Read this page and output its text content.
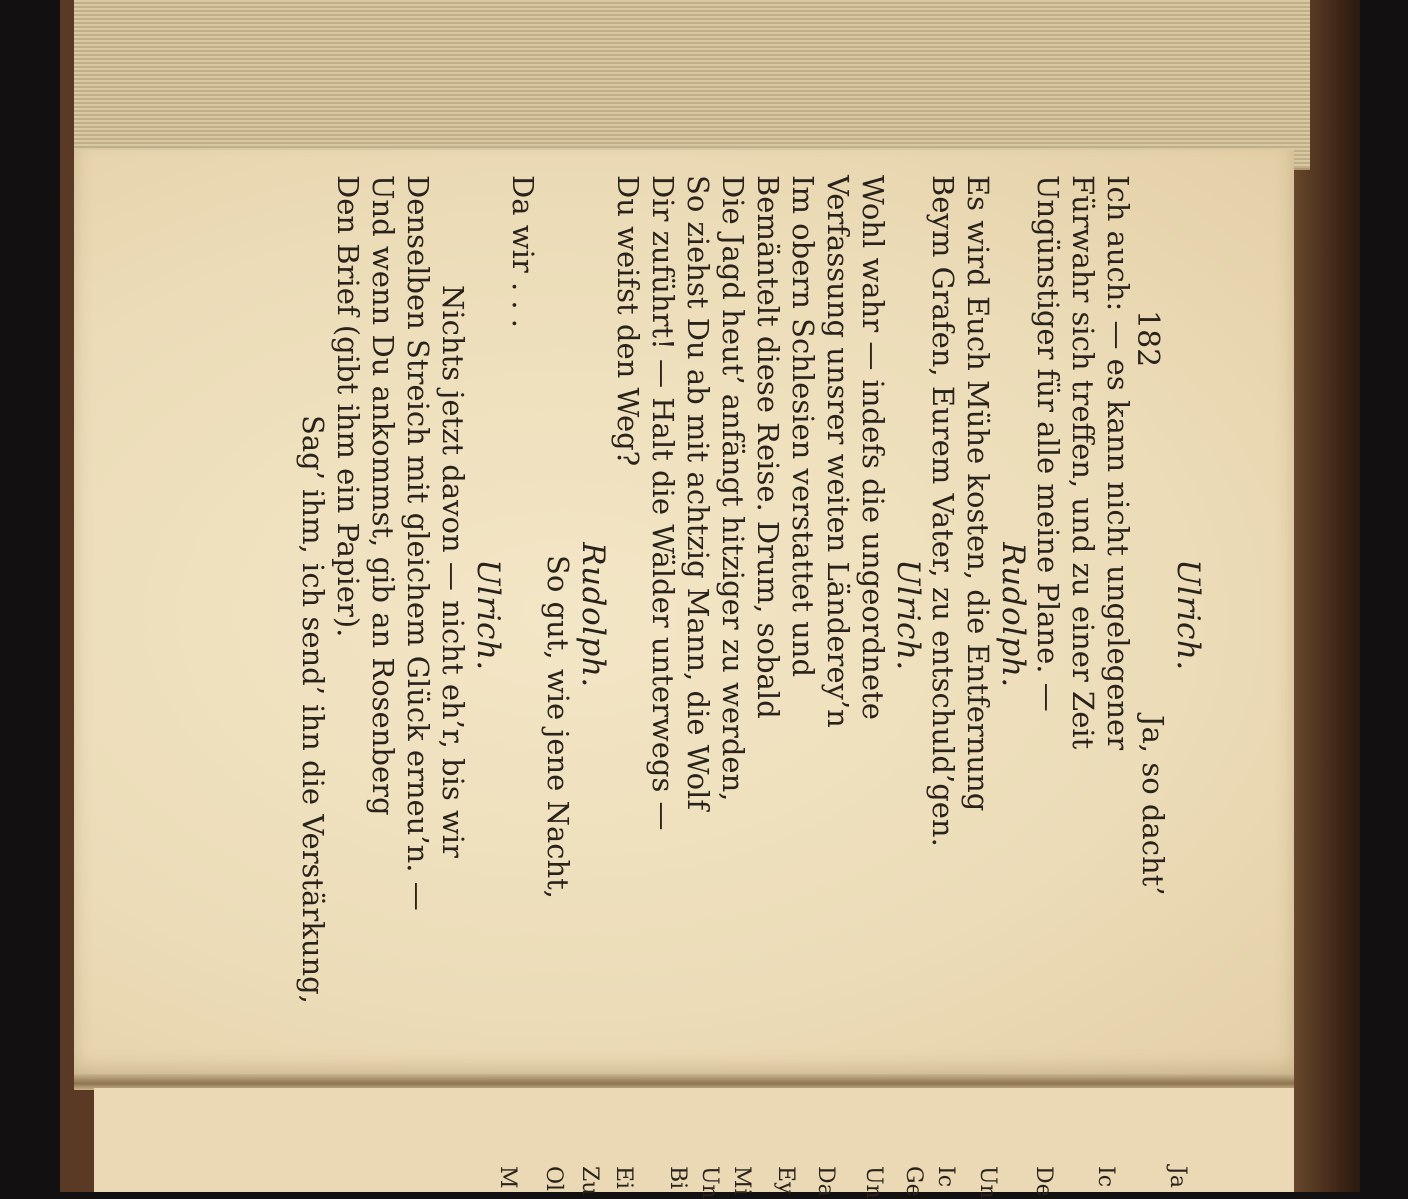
Ja
Ic
De
Un
Ic
Ge
Un
Da
Ey
Mi
Un
Bi
Ei
Zu
Ol
M
182
Ulrich.
Ja, so dacht’
Ich auch: — es kann nicht ungelegener
Fürwahr sich treffen, und zu einer Zeit
Ungünstiger für alle meine Plane. —
Rudolph.
Es wird Euch Mühe kosten, die Entfernung
Beym Grafen, Eurem Vater, zu entschuld’gen.
Ulrich.
Wohl wahr — indefs die ungeordnete
Verfassung unsrer weiten Länderey’n
Im obern Schlesien verstattet und
Bemäntelt diese Reise. Drum, sobald
Die Jagd heut’ anfängt hitziger zu werden,
So ziehst Du ab mit achtzig Mann, die Wolf
Dir zuführt! — Halt die Wälder unterwegs —
Du weifst den Weg?
Rudolph.
So gut, wie jene Nacht,
Da wir . . .
Ulrich.
Nichts jetzt davon — nicht eh’r, bis wir
Denselben Streich mit gleichem Glück erneu’n. —
Und wenn Du ankommst, gib an Rosenberg
Den Brief (gibt ihm ein Papier).
Sag’ ihm, ich send’ ihn die Verstärkung,
